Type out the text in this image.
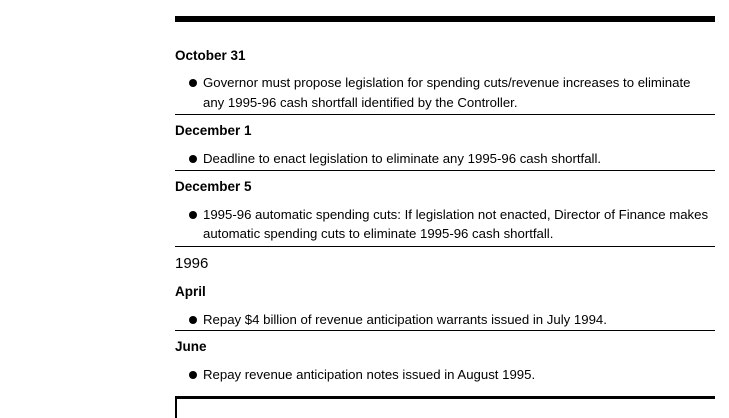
October 31
Governor must propose legislation for spending cuts/revenue increases to eliminate any 1995-96 cash shortfall identified by the Controller.
December 1
Deadline to enact legislation to eliminate any 1995-96 cash shortfall.
December 5
1995-96 automatic spending cuts: If legislation not enacted, Director of Finance makes automatic spending cuts to eliminate 1995-96 cash shortfall.
1996
April
Repay $4 billion of revenue anticipation warrants issued in July 1994.
June
Repay revenue anticipation notes issued in August 1995.
